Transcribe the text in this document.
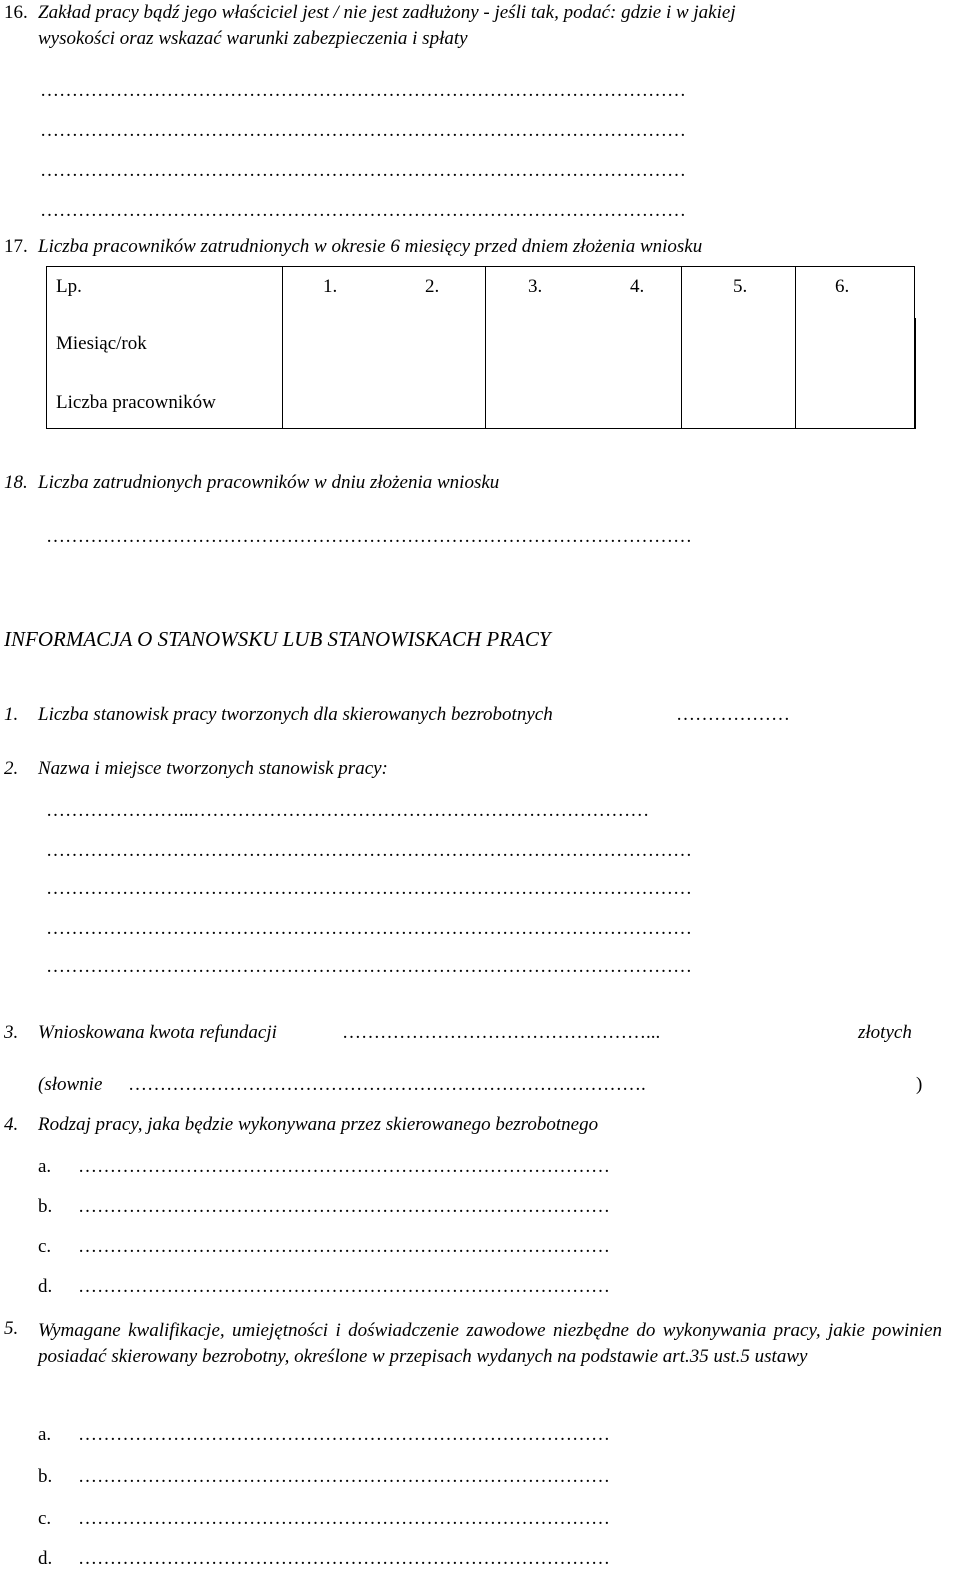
16. Zakład pracy bądź jego właściciel jest / nie jest zadłużony - jeśli tak, podać: gdzie i w jakiej
wysokości oraz wskazać warunki zabezpieczenia i spłaty
…………………………………………………………………………………………
…………………………………………………………………………………………
…………………………………………………………………………………………
…………………………………………………………………………………………
17. Liczba pracowników zatrudnionych w okresie 6 miesięcy przed dniem złożenia wniosku
Lp.	1.	2.	3.	4.	5.	6.
Miesiąc/rok
Liczba pracowników
18. Liczba zatrudnionych pracowników w dniu złożenia wniosku
…………………………………………………………………………………………
INFORMACJA O STANOWSKU LUB STANOWISKACH PRACY
1. Liczba stanowisk pracy tworzonych dla skierowanych bezrobotnych	………………
2. Nazwa i miejsce tworzonych stanowisk pracy:
…………………...………………………………………………………………
…………………………………………………………………………………………
…………………………………………………………………………………………
…………………………………………………………………………………………
…………………………………………………………………………………………
3. Wnioskowana kwota refundacji	…………………………………………...	złotych
(słownie ……………………………………………………………………….	)
4. Rodzaj pracy, jaka będzie wykonywana przez skierowanego bezrobotnego
a. …………………………………………………………………………
b. …………………………………………………………………………
c. …………………………………………………………………………
d. …………………………………………………………………………
5. Wymagane kwalifikacje, umiejętności i doświadczenie zawodowe niezbędne do wykonywania pracy, jakie powinien posiadać skierowany bezrobotny, określone w przepisach wydanych na podstawie art.35 ust.5 ustawy
a. …………………………………………………………………………
b. …………………………………………………………………………
c. …………………………………………………………………………
d. …………………………………………………………………………
